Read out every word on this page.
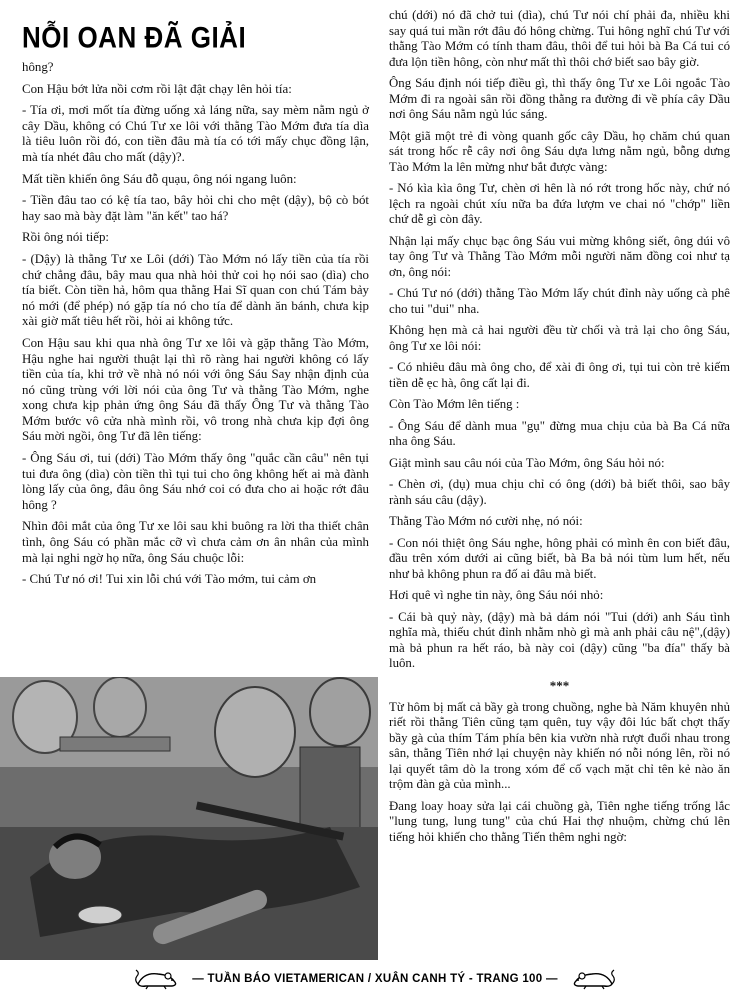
NỖI OAN ĐÃ GIẢI

hông?

Con Hậu bớt lửa nồi cơm rồi lật đật chạy lên hỏi tía:

- Tía ơi, mơi mốt tía đừng uống xả láng nữa, say mèm nằm ngủ ở cây Dầu, không có Chú Tư xe lôi với thằng Tào Mớm đưa tía dìa là tiêu luôn rồi đó, con tiền đâu mà tía có tới mấy chục đồng lận, mà tía nhét đâu cho mất (dậy)?.

Mất tiền khiến ông Sáu đỗ quạu, ông nói ngang luôn:

- Tiền đâu tao có kệ tía tao, bây hỏi chi cho mệt (dậy), bộ cò bót hay sao mà bày đặt làm "ăn kết" tao há?

Rồi ông nói tiếp:

- (Dậy) là thằng Tư xe Lôi (dới) Tào Mớm nó lấy tiền của tía rồi chứ chẳng đâu, bây mau qua nhà hỏi thử coi họ nói sao (dìa) cho tía biết. Còn tiền hả, hôm qua thằng Hai Sĩ quan con chú Tám bảy nó mới (để phép) nó gặp tía nó cho tía để dành ăn bánh, chưa kịp xài giờ mất tiêu hết rồi, hỏi ai không tức.

Con Hậu sau khi qua nhà ông Tư xe lôi và gặp thằng Tào Mớm, Hậu nghe hai người thuật lại thì rõ ràng hai người không có lấy tiền của tía, khi trở về nhà nó nói với ông Sáu Say nhận định của nó cũng trùng với lời nói của ông Tư và thằng Tào Mớm, nghe xong chưa kịp phản ứng ông Sáu đã thấy Ông Tư và thằng Tào Mớm bước vô cửa nhà mình rồi, vô trong nhà chưa kịp đợi ông Sáu mời ngồi, ông Tư đã lên tiếng:

- Ông Sáu ơi, tui (dới) Tào Mớm thấy ông "quắc cần câu" nên tụi tui đưa ông (dìa) còn tiền thì tụi tui cho ông không hết ai mà đành lòng lấy của ông, đâu ông Sáu nhớ coi có đưa cho ai hoặc rớt đâu hông ?

Nhìn đôi mắt của ông Tư xe lôi sau khi buông ra lời tha thiết chân tình, ông Sáu có phần mắc cỡ vì chưa cảm ơn ân nhân của mình mà lại nghi ngờ họ nữa, ông Sáu chuộc lỗi:

- Chú Tư nó ơi! Tui xin lỗi chú với Tào mớm, tui cảm ơn

chú (dới) nó đã chở tui (dìa), chú Tư nói chí phải đa, nhiều khi say quá tui mần rớt đâu đó hông chừng. Tui hông nghĩ chú Tư với thằng Tào Mớm có tính tham đâu, thôi để tui hỏi bà Ba Cá tui có đưa lộn tiền hông, còn như mất thì thôi chớ biết sao bây giờ.

Ông Sáu định nói tiếp điều gì, thì thấy ông Tư xe Lôi ngoắc Tào Mớm đi ra ngoài sân rồi đồng thằng ra đường đi về phía cây Dầu nơi ông Sáu nằm ngủ lúc sáng.

Một giã một trẻ đi vòng quanh gốc cây Dầu, họ chăm chú quan sát trong hốc rễ cây nơi ông Sáu dựa lưng nằm ngủ, bỗng dưng Tào Mớm la lên mừng như bắt được vàng:

- Nó kìa kìa ông Tư, chèn ơi hên là nó rớt trong hốc này, chứ nó lệch ra ngoài chút xíu nữa ba đứa lượm ve chai nó "chớp" liền chứ dễ gì còn đây.

Nhận lại mấy chục bạc ông Sáu vui mừng không siết, ông dúi vô tay ông Tư và Thằng Tào Mớm mỗi người năm đồng coi như tạ ơn, ông nói:

- Chú Tư nó (dới) thằng Tào Mớm lấy chút đỉnh này uống cà phê cho tui "dui" nha.

Không hẹn mà cả hai người đều từ chối và trả lại cho ông Sáu, ông Tư xe lôi nói:

- Có nhiêu đâu mà ông cho, để xài đi ông ơi, tụi tui còn trẻ kiếm tiền dễ ẹc hà, ông cất lại đi.

Còn Tào Mớm lên tiếng :

- Ông Sáu để dành mua "gụ" đừng mua chịu của bà Ba Cá nữa nha ông Sáu.

Giật mình sau câu nói của Tào Mớm, ông Sáu hỏi nó:

- Chèn ơi, (dụ) mua chịu chỉ có ông (dới) bả biết thôi, sao bây rành sáu câu (dậy).

Thằng Tào Mớm nó cười nhẹ, nó nói:

- Con nói thiệt ông Sáu nghe, hông phải có mình ên con biết đâu, đầu trên xóm dưới ai cũng biết, bà Ba bả nói tùm lum hết, nếu như bả không phun ra đố ai đâu mà biết.

Hơi quê vì nghe tin này, ông Sáu nói nhỏ:

- Cái bà quỷ này, (dậy) mà bả dám nói "Tui (dới) anh Sáu tình nghĩa mà, thiếu chút đỉnh nhằm nhò gì mà anh phải câu nệ",(dậy) mà bả phun ra hết ráo, bà này coi (dậy) cũng "ba đía" thấy bà luôn.

***

Từ hôm bị mất cả bầy gà trong chuồng, nghe bà Năm khuyên nhủ riết rồi thằng Tiên cũng tạm quên, tuy vậy đôi lúc bất chợt thấy bầy gà của thím Tám phía bên kia vườn nhà rượt đuổi nhau trong sân, thằng Tiên nhớ lại chuyện này khiến nó nỗi nóng lên, rồi nó lại quyết tâm dò la trong xóm để cố vạch mặt chỉ tên kẻ nào ăn trộm đàn gà của mình...

Đang loay hoay sửa lại cái chuồng gà, Tiên nghe tiếng trống lắc "lung tung, lung tung" của chú Hai thợ nhuộm, chừng chú lên tiếng hỏi khiến cho thằng Tiến thêm nghi ngờ:

— TUẦN BÁO VIETAMERICAN / XUÂN CANH TÝ - TRANG 100 —
